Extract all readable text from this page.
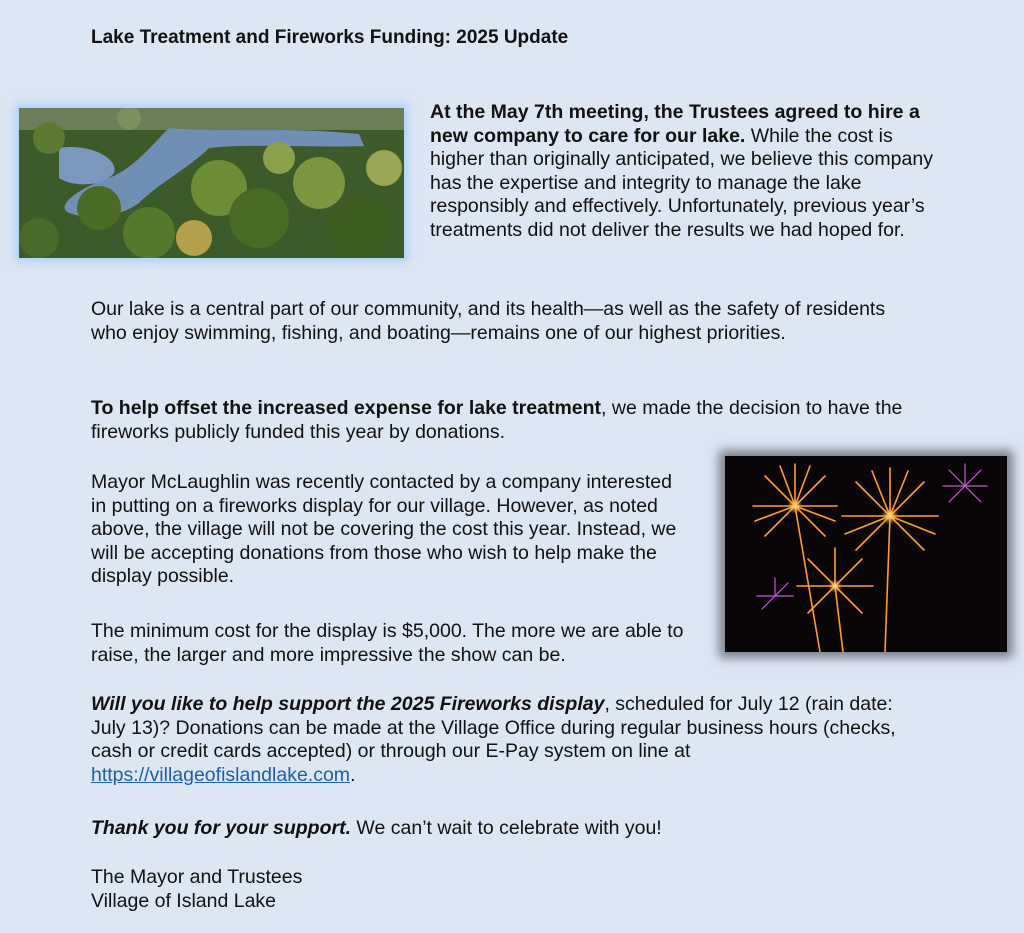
Lake Treatment and Fireworks Funding: 2025 Update

At the May 7th meeting, the Trustees agreed to hire a new company to care for our lake. While the cost is higher than originally anticipated, we believe this company has the expertise and integrity to manage the lake responsibly and effectively. Unfortunately, previous year’s treatments did not deliver the results we had hoped for.

Our lake is a central part of our community, and its health—as well as the safety of residents who enjoy swimming, fishing, and boating—remains one of our highest priorities.

To help offset the increased expense for lake treatment, we made the decision to have the fireworks publicly funded this year by donations.

Mayor McLaughlin was recently contacted by a company interested in putting on a fireworks display for our village. However, as noted above, the village will not be covering the cost this year. Instead, we will be accepting donations from those who wish to help make the display possible.

The minimum cost for the display is $5,000. The more we are able to raise, the larger and more impressive the show can be.

Will you like to help support the 2025 Fireworks display, scheduled for July 12 (rain date: July 13)? Donations can be made at the Village Office during regular business hours (checks, cash or credit cards accepted) or through our E-Pay system on line at https://villageofislandlake.com.

Thank you for your support. We can’t wait to celebrate with you!

The Mayor and Trustees
Village of Island Lake
